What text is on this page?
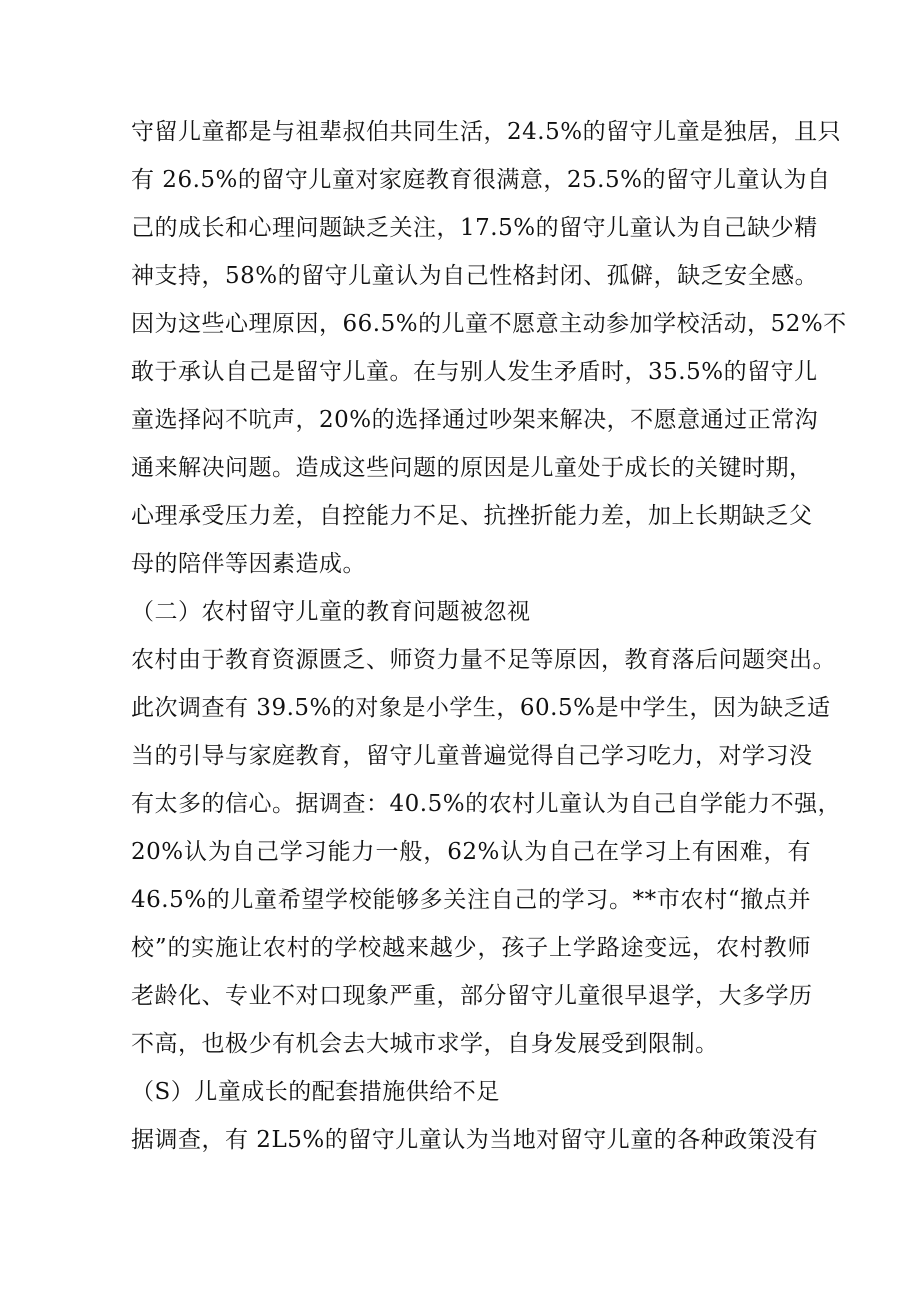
守留儿童都是与祖辈叔伯共同生活，24.5%的留守儿童是独居，且只
有 26.5%的留守儿童对家庭教育很满意，25.5%的留守儿童认为自
己的成长和心理问题缺乏关注，17.5%的留守儿童认为自己缺少精
神支持，58%的留守儿童认为自己性格封闭、孤僻，缺乏安全感。
因为这些心理原因，66.5%的儿童不愿意主动参加学校活动，52%不
敢于承认自己是留守儿童。在与别人发生矛盾时，35.5%的留守儿
童选择闷不吭声，20%的选择通过吵架来解决，不愿意通过正常沟
通来解决问题。造成这些问题的原因是儿童处于成长的关键时期，
心理承受压力差，自控能力不足、抗挫折能力差，加上长期缺乏父
母的陪伴等因素造成。
（二）农村留守儿童的教育问题被忽视
农村由于教育资源匮乏、师资力量不足等原因，教育落后问题突出。
此次调查有 39.5%的对象是小学生，60.5%是中学生，因为缺乏适
当的引导与家庭教育，留守儿童普遍觉得自己学习吃力，对学习没
有太多的信心。据调查：40.5%的农村儿童认为自己自学能力不强，
20%认为自己学习能力一般，62%认为自己在学习上有困难，有
46.5%的儿童希望学校能够多关注自己的学习。**市农村“撤点并
校”的实施让农村的学校越来越少，孩子上学路途变远，农村教师
老龄化、专业不对口现象严重，部分留守儿童很早退学，大多学历
不高，也极少有机会去大城市求学，自身发展受到限制。
（S）儿童成长的配套措施供给不足
据调查，有 2L5%的留守儿童认为当地对留守儿童的各种政策没有
